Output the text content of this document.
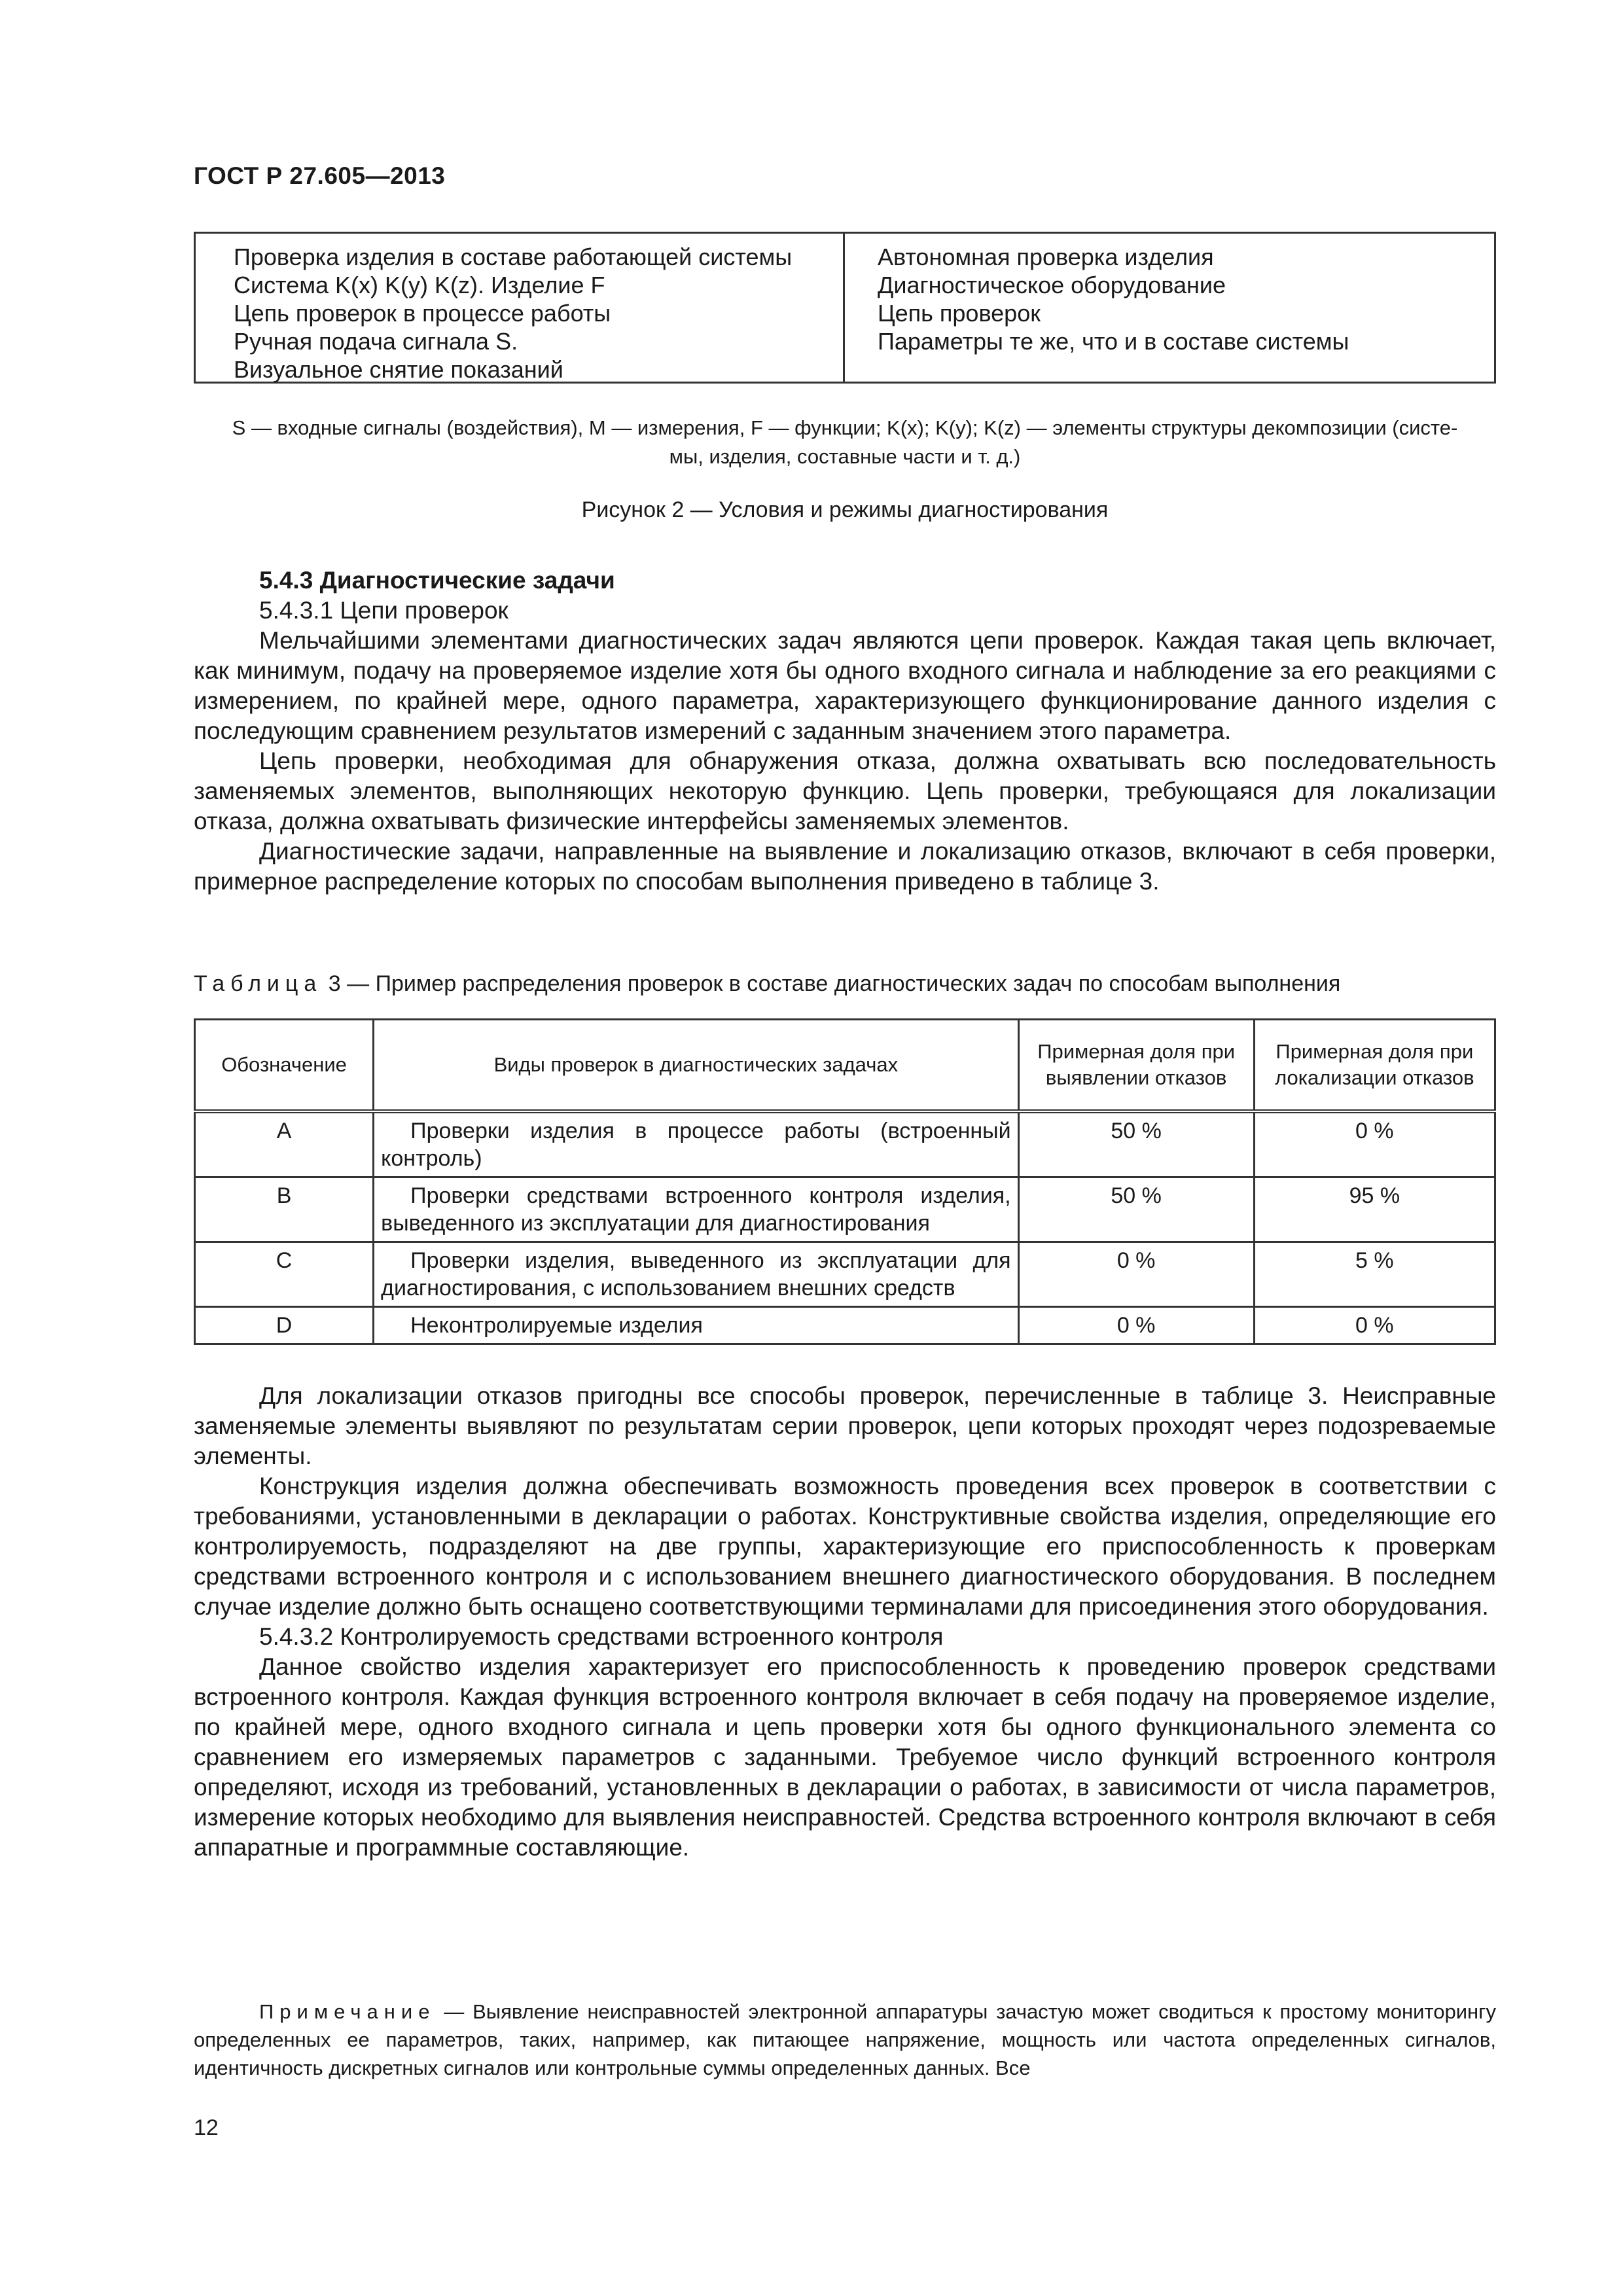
ГОСТ Р 27.605—2013
Проверка изделия в составе работающей системы
Система K(x) K(y) K(z). Изделие F
Цепь проверок в процессе работы
Ручная подача сигнала S.
Визуальное снятие показаний
Автономная проверка изделия
Диагностическое оборудование
Цепь проверок
Параметры те же, что и в составе системы
S — входные сигналы (воздействия), M — измерения, F — функции; K(x); K(y); K(z) — элементы структуры декомпозиции (систе-
мы, изделия, составные части и т. д.)
Рисунок 2 — Условия и режимы диагностирования

5.4.3 Диагностические задачи

5.4.3.1 Цепи проверок

Мельчайшими элементами диагностических задач являются цепи проверок. Каждая такая цепь включает, как минимум, подачу на проверяемое изделие хотя бы одного входного сигнала и наблюдение за его реакциями с измерением, по крайней мере, одного параметра, характеризующего функционирование данного изделия с последующим сравнением результатов измерений с заданным значением этого параметра.

Цепь проверки, необходимая для обнаружения отказа, должна охватывать всю последовательность заменяемых элементов, выполняющих некоторую функцию. Цепь проверки, требующаяся для локализации отказа, должна охватывать физические интерфейсы заменяемых элементов.

Диагностические задачи, направленные на выявление и локализацию отказов, включают в себя проверки, примерное распределение которых по способам выполнения приведено в таблице 3.

Таблица 3 — Пример распределения проверок в составе диагностических задач по способам выполнения
Обозначение	Виды проверок в диагностических задачах	Примерная доля при выявлении отказов	Примерная доля при локализации отказов
A	Проверки изделия в процессе работы (встроенный контроль)	50 %	0 %
B	Проверки средствами встроенного контроля изделия, выведенного из эксплуатации для диагностирования	50 %	95 %
C	Проверки изделия, выведенного из эксплуатации для диагностирования, с использованием внешних средств	0 %	5 %
D	Неконтролируемые изделия	0 %	0 %

Для локализации отказов пригодны все способы проверок, перечисленные в таблице 3. Неисправные заменяемые элементы выявляют по результатам серии проверок, цепи которых проходят через подозреваемые элементы.

Конструкция изделия должна обеспечивать возможность проведения всех проверок в соответствии с требованиями, установленными в декларации о работах. Конструктивные свойства изделия, определяющие его контролируемость, подразделяют на две группы, характеризующие его приспособленность к проверкам средствами встроенного контроля и с использованием внешнего диагностического оборудования. В последнем случае изделие должно быть оснащено соответствующими терминалами для присоединения этого оборудования.

5.4.3.2 Контролируемость средствами встроенного контроля

Данное свойство изделия характеризует его приспособленность к проведению проверок средствами встроенного контроля. Каждая функция встроенного контроля включает в себя подачу на проверяемое изделие, по крайней мере, одного входного сигнала и цепь проверки хотя бы одного функционального элемента со сравнением его измеряемых параметров с заданными. Требуемое число функций встроенного контроля определяют, исходя из требований, установленных в декларации о работах, в зависимости от числа параметров, измерение которых необходимо для выявления неисправностей. Средства встроенного контроля включают в себя аппаратные и программные составляющие.

Примечание — Выявление неисправностей электронной аппаратуры зачастую может сводиться к простому мониторингу определенных ее параметров, таких, например, как питающее напряжение, мощность или частота определенных сигналов, идентичность дискретных сигналов или контрольные суммы определенных данных. Все
12
